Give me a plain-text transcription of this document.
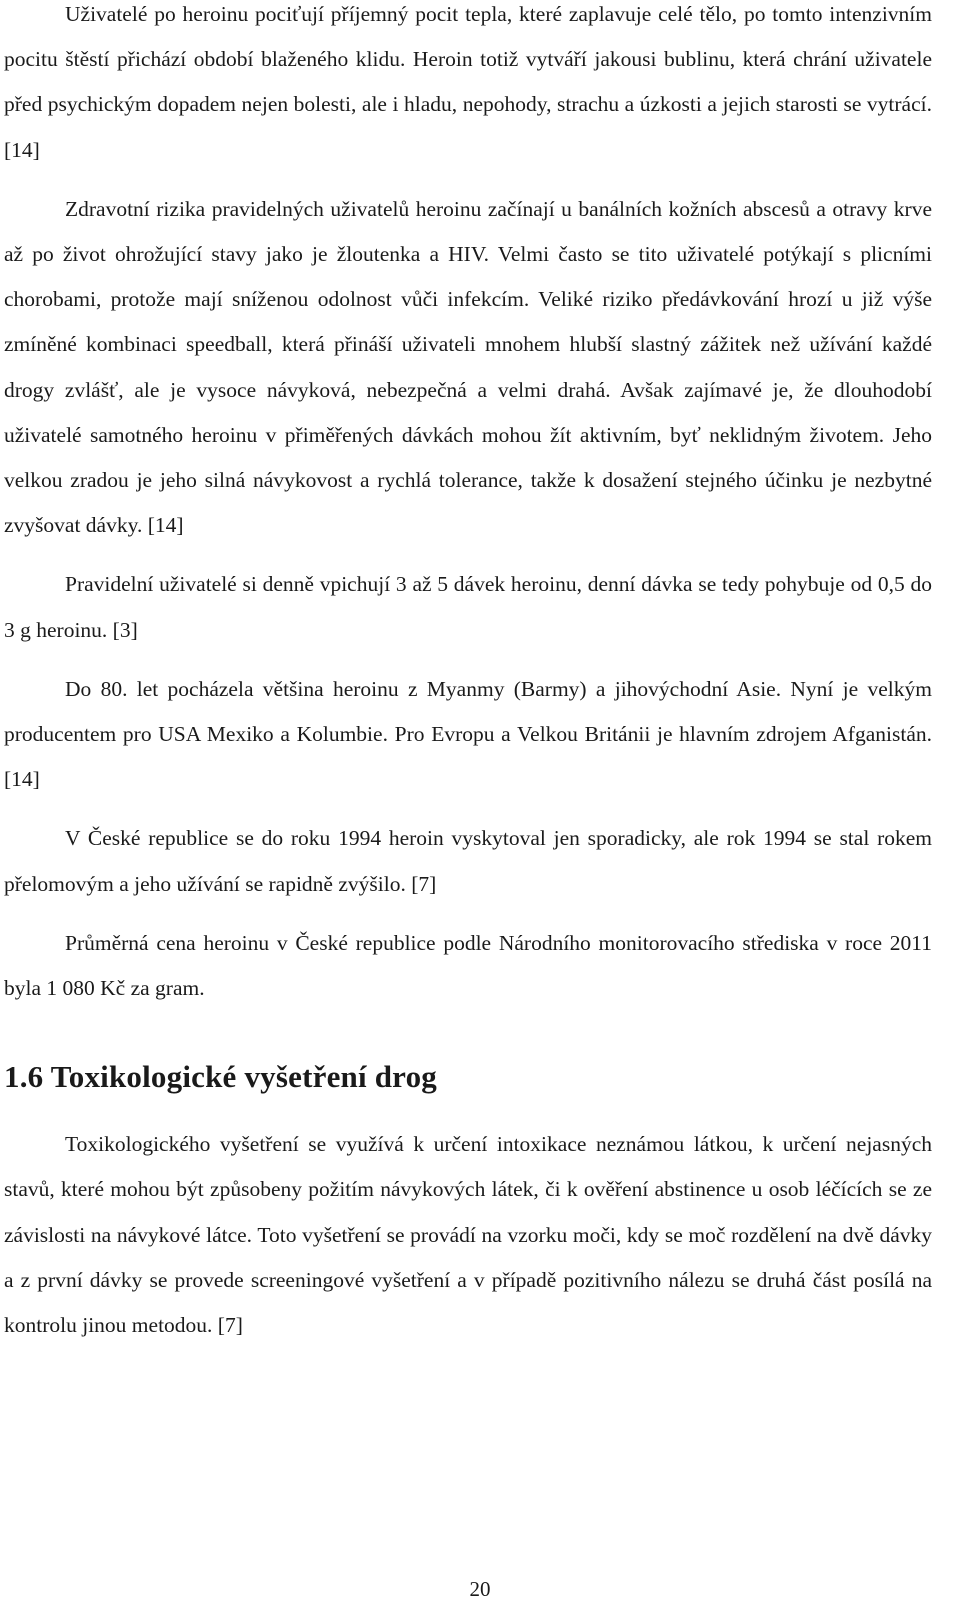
Uživatelé po heroinu pociťují příjemný pocit tepla, které zaplavuje celé tělo, po tomto intenzivním pocitu štěstí přichází období blaženého klidu. Heroin totiž vytváří jakousi bublinu, která chrání uživatele před psychickým dopadem nejen bolesti, ale i hladu, nepohody, strachu a úzkosti a jejich starosti se vytrácí. [14]

Zdravotní rizika pravidelných uživatelů heroinu začínají u banálních kožních abscesů a otravy krve až po život ohrožující stavy jako je žloutenka a HIV. Velmi často se tito uživatelé potýkají s plicními chorobami, protože mají sníženou odolnost vůči infekcím. Veliké riziko předávkování hrozí u již výše zmíněné kombinaci speedball, která přináší uživateli mnohem hlubší slastný zážitek než užívání každé drogy zvlášť, ale je vysoce návyková, nebezpečná a velmi drahá. Avšak zajímavé je, že dlouhodobí uživatelé samotného heroinu v přiměřených dávkách mohou žít aktivním, byť neklidným životem. Jeho velkou zradou je jeho silná návykovost a rychlá tolerance, takže k dosažení stejného účinku je nezbytné zvyšovat dávky. [14]

Pravidelní uživatelé si denně vpichují 3 až 5 dávek heroinu, denní dávka se tedy pohybuje od 0,5 do 3 g heroinu. [3]

Do 80. let pocházela většina heroinu z Myanmy (Barmy) a jihovýchodní Asie. Nyní je velkým producentem pro USA Mexiko a Kolumbie. Pro Evropu a Velkou Británii je hlavním zdrojem Afganistán. [14]

V České republice se do roku 1994 heroin vyskytoval jen sporadicky, ale rok 1994 se stal rokem přelomovým a jeho užívání se rapidně zvýšilo. [7]

Průměrná cena heroinu v České republice podle Národního monitorovacího střediska v roce 2011 byla 1 080 Kč za gram.

1.6 Toxikologické vyšetření drog

Toxikologického vyšetření se využívá k určení intoxikace neznámou látkou, k určení nejasných stavů, které mohou být způsobeny požitím návykových látek, či k ověření abstinence u osob léčících se ze závislosti na návykové látce. Toto vyšetření se provádí na vzorku moči, kdy se moč rozdělení na dvě dávky a z první dávky se provede screeningové vyšetření a v případě pozitivního nálezu se druhá část posílá na kontrolu jinou metodou. [7]

20
